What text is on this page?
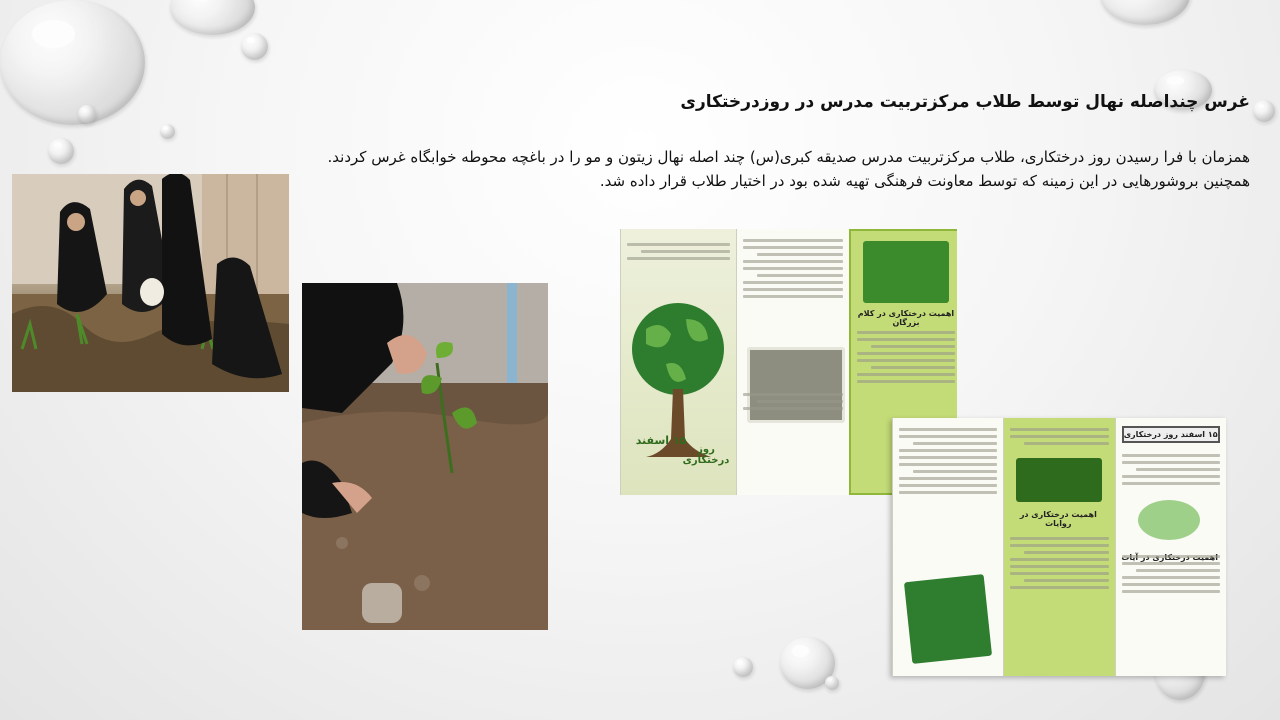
غرس چنداصله نهال توسط طلاب مرکزتربیت مدرس در روزدرختکاری

همزمان با فرا رسیدن روز درختکاری، طلاب مرکزتربیت مدرس صدیقه کبری(س) چند اصله نهال زیتون و مو را در باغچه محوطه خوابگاه غرس کردند.

همچنین بروشورهایی در این زمینه که توسط معاونت فرهنگی تهیه شده بود در اختیار طلاب قرار داده شد.

۱۵ اسفند
روز درختکاری
اهمیت درختکاری در کلام بزرگان
اهمیت درختکاری در روایات
۱۵ اسفند روز درختکاری
